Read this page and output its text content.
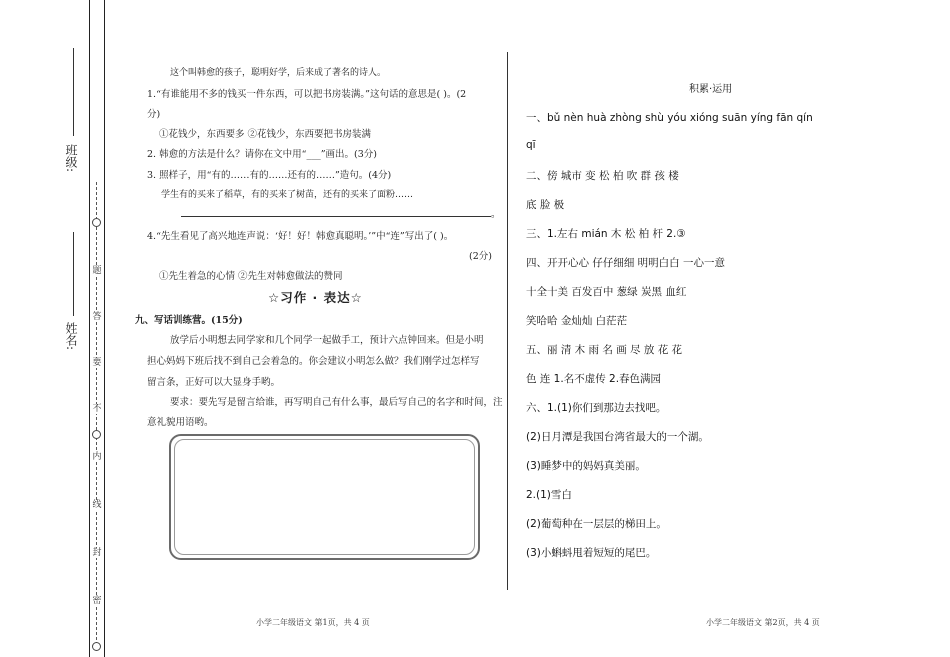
班级:
姓名:
题
答
要
不
内
线
封
密
这个叫韩愈的孩子，聪明好学，后来成了著名的诗人。
1.“有谁能用不多的钱买一件东西，可以把书房装满。”这句话的意思是( )。(2
分)
①花钱少，东西要多 ②花钱少，东西要把书房装满
2. 韩愈的方法是什么？请你在文中用“___”画出。(3分)
3. 照样子，用“有的……有的……还有的……”造句。(4分)
学生有的买来了稻草，有的买来了树苗，还有的买来了面粉……
。
4.“先生看见了高兴地连声说：‘好！好！韩愈真聪明。’”中“连”写出了( )。
(2分)
①先生着急的心情 ②先生对韩愈做法的赞同
☆习作 · 表达☆
九、写话训练营。(15分)
放学后小明想去同学家和几个同学一起做手工，预计六点钟回来。但是小明
担心妈妈下班后找不到自己会着急的。你会建议小明怎么做？我们刚学过怎样写
留言条，正好可以大显身手哟。
要求：要先写是留言给谁，再写明自己有什么事，最后写自己的名字和时间，注
意礼貌用语哟。
小学二年级语文 第1页，共 4 页
积累·运用
一、bǔ nèn huà zhòng shù yóu xióng suān yíng fān qín
qī
二、傍 城市 变 松 柏 吹 群 孩 楼
底 脸 极
三、1.左右 mián 木 松 柏 杆 2.③
四、开开心心 仔仔细细 明明白白 一心一意
十全十美 百发百中 葱绿 炭黑 血红
笑哈哈 金灿灿 白茫茫
五、丽 清 木 雨 名 画 尽 放 花 花
色 连 1.名不虚传 2.春色满园
六、1.(1)你们到那边去找吧。
(2)日月潭是我国台湾省最大的一个湖。
(3)睡梦中的妈妈真美丽。
2.(1)雪白
(2)葡萄种在一层层的梯田上。
(3)小蝌蚪甩着短短的尾巴。
小学二年级语文 第2页，共 4 页
